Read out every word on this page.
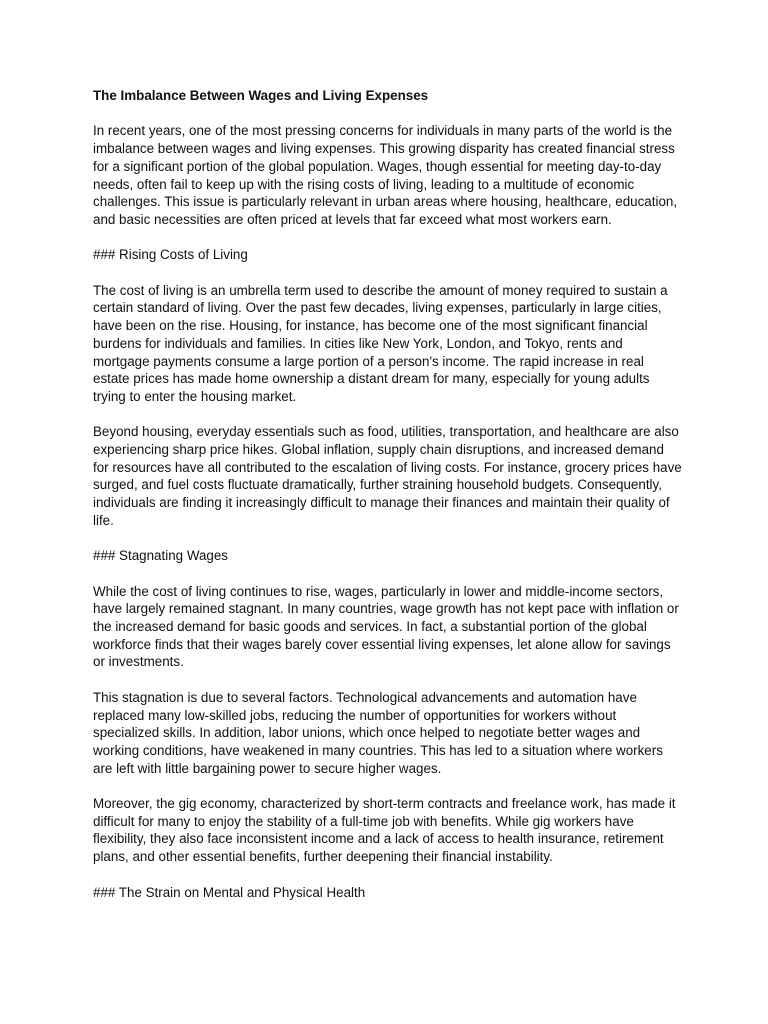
The Imbalance Between Wages and Living Expenses

In recent years, one of the most pressing concerns for individuals in many parts of the world is the imbalance between wages and living expenses. This growing disparity has created financial stress for a significant portion of the global population. Wages, though essential for meeting day-to-day needs, often fail to keep up with the rising costs of living, leading to a multitude of economic challenges. This issue is particularly relevant in urban areas where housing, healthcare, education, and basic necessities are often priced at levels that far exceed what most workers earn.

### Rising Costs of Living

The cost of living is an umbrella term used to describe the amount of money required to sustain a certain standard of living. Over the past few decades, living expenses, particularly in large cities, have been on the rise. Housing, for instance, has become one of the most significant financial burdens for individuals and families. In cities like New York, London, and Tokyo, rents and mortgage payments consume a large portion of a person's income. The rapid increase in real estate prices has made home ownership a distant dream for many, especially for young adults trying to enter the housing market.

Beyond housing, everyday essentials such as food, utilities, transportation, and healthcare are also experiencing sharp price hikes. Global inflation, supply chain disruptions, and increased demand for resources have all contributed to the escalation of living costs. For instance, grocery prices have surged, and fuel costs fluctuate dramatically, further straining household budgets. Consequently, individuals are finding it increasingly difficult to manage their finances and maintain their quality of life.

### Stagnating Wages

While the cost of living continues to rise, wages, particularly in lower and middle-income sectors, have largely remained stagnant. In many countries, wage growth has not kept pace with inflation or the increased demand for basic goods and services. In fact, a substantial portion of the global workforce finds that their wages barely cover essential living expenses, let alone allow for savings or investments.

This stagnation is due to several factors. Technological advancements and automation have replaced many low-skilled jobs, reducing the number of opportunities for workers without specialized skills. In addition, labor unions, which once helped to negotiate better wages and working conditions, have weakened in many countries. This has led to a situation where workers are left with little bargaining power to secure higher wages.

Moreover, the gig economy, characterized by short-term contracts and freelance work, has made it difficult for many to enjoy the stability of a full-time job with benefits. While gig workers have flexibility, they also face inconsistent income and a lack of access to health insurance, retirement plans, and other essential benefits, further deepening their financial instability.

### The Strain on Mental and Physical Health
